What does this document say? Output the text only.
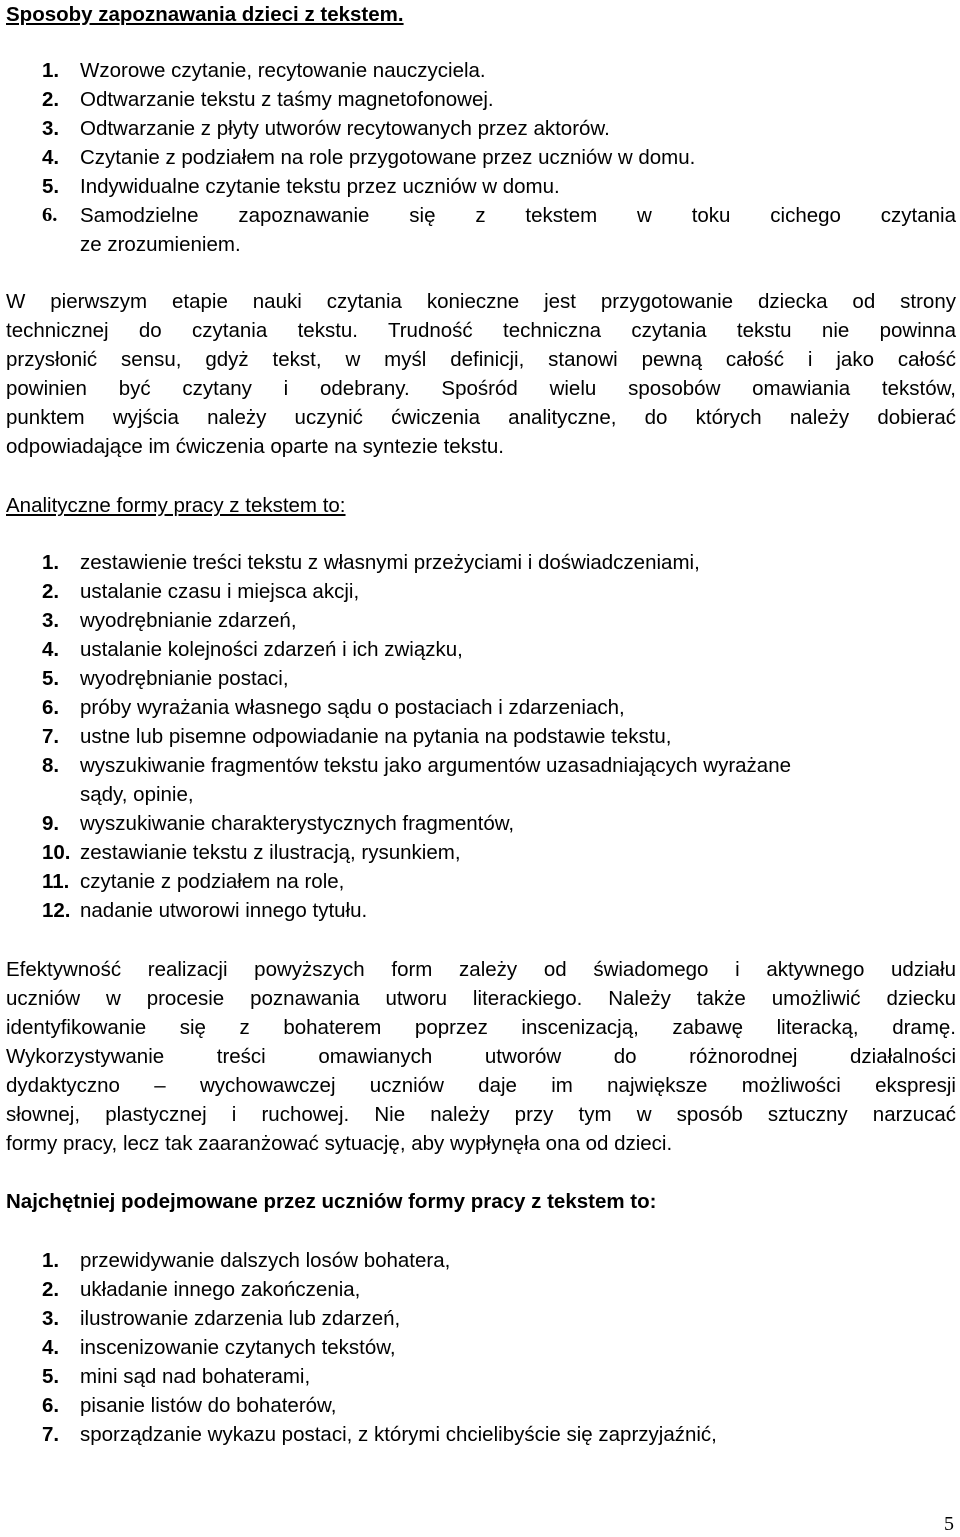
Sposoby zapoznawania dzieci z tekstem.
1. Wzorowe czytanie, recytowanie nauczyciela.
2. Odtwarzanie tekstu z taśmy magnetofonowej.
3. Odtwarzanie z płyty utworów recytowanych przez aktorów.
4. Czytanie z podziałem na role przygotowane przez uczniów w domu.
5. Indywidualne czytanie tekstu przez uczniów w domu.
6. Samodzielne zapoznawanie się z tekstem w toku cichego czytania
ze zrozumieniem.
W pierwszym etapie nauki czytania konieczne jest przygotowanie dziecka od strony
technicznej do czytania tekstu. Trudność techniczna czytania tekstu nie powinna
przysłonić sensu, gdyż tekst, w myśl definicji, stanowi pewną całość i jako całość
powinien być czytany i odebrany. Spośród wielu sposobów omawiania tekstów,
punktem wyjścia należy uczynić ćwiczenia analityczne, do których należy dobierać
odpowiadające im ćwiczenia oparte na syntezie tekstu.
Analityczne formy pracy z tekstem to:
1. zestawienie treści tekstu z własnymi przeżyciami i doświadczeniami,
2. ustalanie czasu i miejsca akcji,
3. wyodrębnianie zdarzeń,
4. ustalanie kolejności zdarzeń i ich związku,
5. wyodrębnianie postaci,
6. próby wyrażania własnego sądu o postaciach i zdarzeniach,
7. ustne lub pisemne odpowiadanie na pytania na podstawie tekstu,
8. wyszukiwanie fragmentów tekstu jako argumentów uzasadniających wyrażane
sądy, opinie,
9. wyszukiwanie charakterystycznych fragmentów,
10. zestawianie tekstu z ilustracją, rysunkiem,
11. czytanie z podziałem na role,
12. nadanie utworowi innego tytułu.
Efektywność realizacji powyższych form zależy od świadomego i aktywnego udziału
uczniów w procesie poznawania utworu literackiego. Należy także umożliwić dziecku
identyfikowanie się z bohaterem poprzez inscenizacją, zabawę literacką, dramę.
Wykorzystywanie treści omawianych utworów do różnorodnej działalności
dydaktyczno – wychowawczej uczniów daje im największe możliwości ekspresji
słownej, plastycznej i ruchowej. Nie należy przy tym w sposób sztuczny narzucać
formy pracy, lecz tak zaaranżować sytuację, aby wypłynęła ona od dzieci.
Najchętniej podejmowane przez uczniów formy pracy z tekstem to:
1. przewidywanie dalszych losów bohatera,
2. układanie innego zakończenia,
3. ilustrowanie zdarzenia lub zdarzeń,
4. inscenizowanie czytanych tekstów,
5. mini sąd nad bohaterami,
6. pisanie listów do bohaterów,
7. sporządzanie wykazu postaci, z którymi chcielibyście się zaprzyjaźnić,
5
